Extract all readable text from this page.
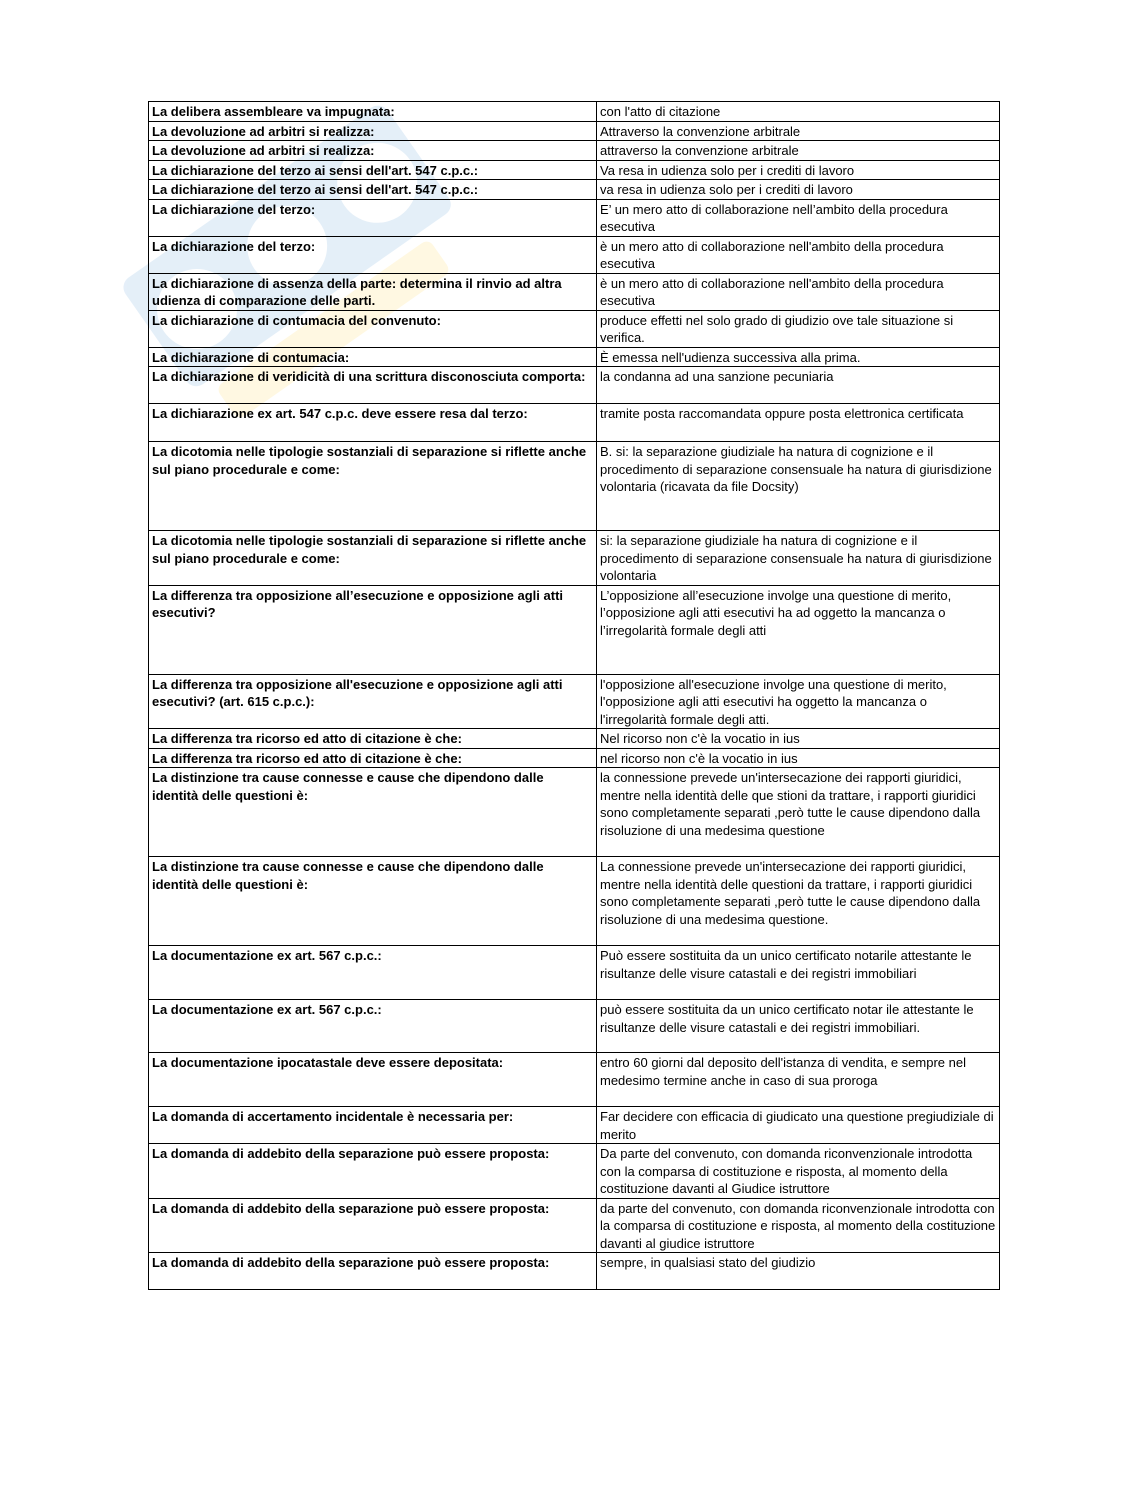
La delibera assembleare va impugnata:	con l'atto di citazione
La devoluzione ad arbitri si realizza:	Attraverso la convenzione arbitrale
La devoluzione ad arbitri si realizza:	attraverso la convenzione arbitrale
La dichiarazione del terzo ai sensi dell'art. 547 c.p.c.:	Va resa in udienza solo per i crediti di lavoro
La dichiarazione del terzo ai sensi dell'art. 547 c.p.c.:	va resa in udienza solo per i crediti di lavoro
La dichiarazione del terzo:	E’ un mero atto di collaborazione nell’ambito della procedura esecutiva
La dichiarazione del terzo:	è un mero atto di collaborazione nell'ambito della procedura esecutiva
La dichiarazione di assenza della parte: determina il rinvio ad altra udienza di comparazione delle parti.	è un mero atto di collaborazione nell'ambito della procedura esecutiva
La dichiarazione di contumacia del convenuto:	produce effetti nel solo grado di giudizio ove tale situazione si verifica.
La dichiarazione di contumacia:	È emessa nell'udienza successiva alla prima.
La dichiarazione di veridicità di una scrittura disconosciuta comporta:	la condanna ad una sanzione pecuniaria
La dichiarazione ex art. 547 c.p.c. deve essere resa dal terzo:	tramite posta raccomandata oppure posta elettronica certificata
La dicotomia nelle tipologie sostanziali di separazione si riflette anche sul piano procedurale e come:	B. si: la separazione giudiziale ha natura di cognizione e il procedimento di separazione consensuale ha natura di giurisdizione volontaria (ricavata da file Docsity)
La dicotomia nelle tipologie sostanziali di separazione si riflette anche sul piano procedurale e come:	si: la separazione giudiziale ha natura di cognizione e il procedimento di separazione consensuale ha natura di giurisdizione volontaria
La differenza tra opposizione all’esecuzione e opposizione agli atti esecutivi?	L’opposizione all’esecuzione involge una questione di merito, l’opposizione agli atti esecutivi ha ad oggetto la mancanza o l’irregolarità formale degli atti
La differenza tra opposizione all'esecuzione e opposizione agli atti esecutivi? (art. 615 c.p.c.):	l'opposizione all'esecuzione involge una questione di merito, l'opposizione agli atti esecutivi ha oggetto la mancanza o l'irregolarità formale degli atti.
La differenza tra ricorso ed atto di citazione è che:	Nel ricorso non c'è la vocatio in ius
La differenza tra ricorso ed atto di citazione è che:	nel ricorso non c'è la vocatio in ius
La distinzione tra cause connesse e cause che dipendono dalle identità delle questioni è:	la connessione prevede un'intersecazione dei rapporti giuridici, mentre nella identità delle que stioni da trattare, i rapporti giuridici sono completamente separati ,però tutte le cause dipendono dalla risoluzione di una medesima questione
La distinzione tra cause connesse e cause che dipendono dalle identità delle questioni è:	La connessione prevede un'intersecazione dei rapporti giuridici, mentre nella identità delle questioni da trattare, i rapporti giuridici sono completamente separati ,però tutte le cause dipendono dalla risoluzione di una medesima questione.
La documentazione ex art. 567 c.p.c.:	Può essere sostituita da un unico certificato notarile attestante le risultanze delle visure catastali e dei registri immobiliari
La documentazione ex art. 567 c.p.c.:	può essere sostituita da un unico certificato notar ile attestante le risultanze delle visure catastali e dei registri immobiliari.
La documentazione ipocatastale deve essere depositata:	entro 60 giorni dal deposito dell'istanza di vendita, e sempre nel medesimo termine anche in caso di sua proroga
La domanda di accertamento incidentale è necessaria per:	Far decidere con efficacia di giudicato una questione pregiudiziale di merito
La domanda di addebito della separazione può essere proposta:	Da parte del convenuto, con domanda riconvenzionale introdotta con la comparsa di costituzione e risposta, al momento della costituzione davanti al Giudice istruttore
La domanda di addebito della separazione può essere proposta:	da parte del convenuto, con domanda riconvenzionale introdotta con la comparsa di costituzione e risposta, al momento della costituzione davanti al giudice istruttore
La domanda di addebito della separazione può essere proposta:	sempre, in qualsiasi stato del giudizio
